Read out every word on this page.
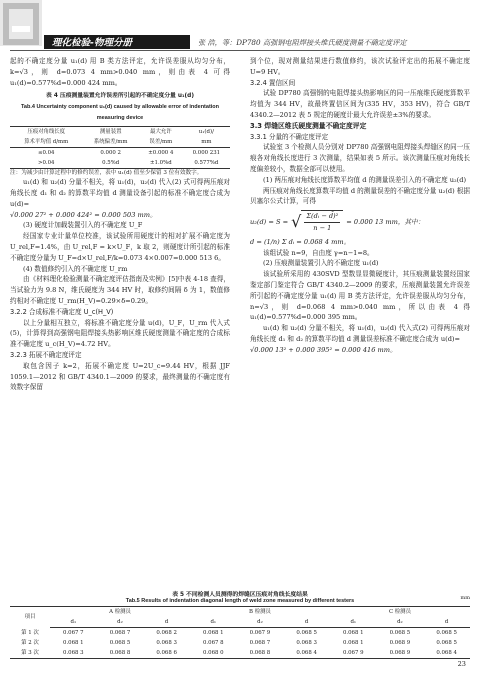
理化检验-物理分册	张 浩，等：DP780 高强钢电阻焊接头维氏硬度测量不确定度评定

起的不确定度分量 u₁(d) 用 B 类方法评定，允许误差服从均匀分布，k=√3，则 d=0.073 4 mm>0.040 mm，则由表 4 可得 u₁(d)=0.577%d=0.000 424 mm。

表 4 压痕测量装置允许误差所引起的不确定度分量 u₁(d)
Tab.4 Uncertainty component u₁(d) caused by allowable error of indentation measuring device
压痕对角线长度	测量装置	最大允许	u₁(d)/
算术平均值 d/mm	系统偏差/mm	误差/mm	mm
≤0.04	0.000 2	±0.000 4	0.000 231
>0.04	0.5%d	±1.0%d	0.577%d

注：为减少由计算过程中的修约误差，表中 u₁(d) 值至少保留 3 位有效数字。

u₁(d) 和 u₂(d) 分量不相关，将 u₁(d)，u₂(d) 代入(2) 式可得两压痕对角线长度 d₁ 和 d₂ 的算数平均值 d 测量设备引起的标准不确定度合成为 u(d)=

√0.000 27² + 0.000 424² = 0.000 503 mm。

(3) 硬度计加载装置引入的不确定度 U_F

经国家专业计量单位校准，该试验所用硬度计的相对扩展不确定度为 U_rel,F=1.4%，由 U_rel,F = k×U_F，k 取 2，则硬度计所引起的标准不确定度分量为 U_F=d×U_rel,F/k=0.073 4×0.007=0.000 513 6。

(4) 数值修约引入的不确定度 U_rm

由《材料理化检验测量不确定度评估指南及实例》[5]中表 4-18 查得，当试验力为 9.8 N，维氏硬度为 344 HV 时，取修约间隔 δ 为 1，数值修约相对不确定度 U_rm(H_V)=0.29×δ=0.29。

3.2.2 合成标准不确定度 U_c(H_V)

以上分量相互独立，将标准不确定度分量 u(d)，U_F，U_rm 代入式(5)，计算得到高强钢电阻焊接头热影响区维氏硬度测量不确定度的合成标准不确定度 u_c(H_V)=4.72 HV。

3.2.3 拓展不确定度评定

取包含因子 k=2，拓展不确定度 U=2U_c=9.44 HV，根据 JJF 1059.1—2012 和 GB/T 4340.1—2009 的要求，最终测量的不确定度有效数字保留

到个位，现对测量结果进行数值修约，该次试验评定出的拓展不确定度 U=9 HV。

3.2.4 置信区间

试验 DP780 高强钢的电阻焊接头热影响区的同一压痕维氏硬度算数平均值为 344 HV，故最终置信区间为(335 HV，353 HV)，符合 GB/T 4340.2—2012 表 5 规定的硬度计最大允许误差±3%的要求。

3.3 焊缝区维氏硬度测量不确定度评定

3.3.1 分量的不确定度评定

试验室 3 个检测人员分别对 DP780 高强钢电阻焊接头焊缝区的同一压痕各对角线长度进行 3 次测量，结果如表 5 所示。该次测量压痕对角线长度偏差较小，数据全部可以使用。

(1) 两压痕对角线长度算数平均值 d 的测量误差引入的不确定度 u₂(d)

两压痕对角线长度算数平均值 d 的测量误差的不确定度分量 u₂(d) 根据贝塞尔公式计算，可得

u₂(d) = S = √ $\frac{\text{Σ(dᵢ − d̄)²}}{n - 1} = 0.000$ 13 mm，其中：

d = (1/n) Σ dᵢ = 0.068 4 mm。

该组试验 n=9，自由度 γ=n−1=8。

(2) 压痕测量装置引入的不确定度 u₁(d)

该试验所采用的 430SVD 型数显显微硬度计，其压痕测量装置经国家鉴定部门鉴定符合 GB/T 4340.2—2009 的要求，压痕测量装置允许误差所引起的不确定度分量 u₁(d) 用 B 类方法评定，允许误差服从均匀分布，n=√3，则 d=0.068 4 mm>0.040 mm，所以由表 4 得 u₁(d)=0.577%d=0.000 395 mm。

u₁(d) 和 u₂(d) 分量不相关，将 u₁(d)，u₂(d) 代入式(2) 可得两压痕对角线长度 d₁ 和 d₂ 的算数平均值 d 测量误差标准不确定度合成为 u(d)=

√0.000 13² + 0.000 395² = 0.000 416 mm。

表 5 不同检测人员测得的焊缝区压痕对角线长度结果
Tab.5 Results of indentation diagonal length of weld zone measured by different testers	mm
项目	A 检测员			B 检测员			C 检测员		
	d₁	d₂	d	d₁	d₂	d	d₁	d₂	d
第 1 次	0.067 7	0.068 7	0.068 2	0.068 1	0.067 9	0.068 5	0.068 1	0.068 5	0.068 5
第 2 次	0.068 1	0.068 5	0.068 3	0.067 8	0.068 7	0.068 3	0.068 1	0.068 9	0.068 5
第 3 次	0.068 3	0.068 8	0.068 6	0.068 0	0.068 8	0.068 4	0.067 9	0.068 9	0.068 4
23
